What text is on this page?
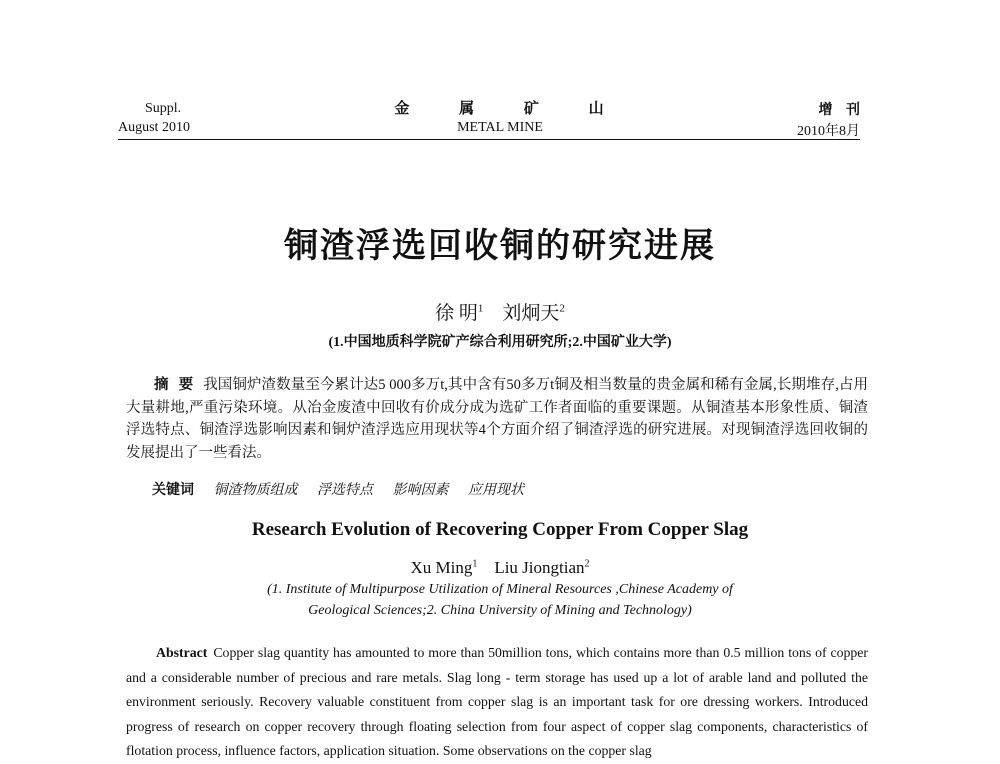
Suppl.
August 2010
金 属 矿 山
METAL MINE
增 刊
2010年8月
铜渣浮选回收铜的研究进展
徐 明$^1$ 刘炯天$^2$
(1.中国地质科学院矿产综合利用研究所;2.中国矿业大学)
摘要我国铜炉渣数量至今累计达5 000多万t,其中含有50多万t铜及相当数量的贵金属和稀有金属,长期堆存,占用大量耕地,严重污染环境。从冶金废渣中回收有价成分成为选矿工作者面临的重要课题。从铜渣基本形象性质、铜渣浮选特点、铜渣浮选影响因素和铜炉渣浮选应用现状等4个方面介绍了铜渣浮选的研究进展。对现铜渣浮选回收铜的发展提出了一些看法。
关键词 铜渣物质组成 浮选特点 影响因素 应用现状
Research Evolution of Recovering Copper From Copper Slag
Xu Ming$^1$ Liu Jiongtian$^2$
(1. Institute of Multipurpose Utilization of Mineral Resources ,Chinese Academy of
Geological Sciences;2. China University of Mining and Technology)
Abstract Copper slag quantity has amounted to more than 50million tons, which contains more than 0.5 million tons of copper and a considerable number of precious and rare metals. Slag long - term storage has used up a lot of arable land and polluted the environment seriously. Recovery valuable constituent from copper slag is an important task for ore dressing workers. Introduced progress of research on copper recovery through floating selection from four aspect of copper slag components, characteristics of flotation process, influence factors, application situation. Some observations on the copper slag
